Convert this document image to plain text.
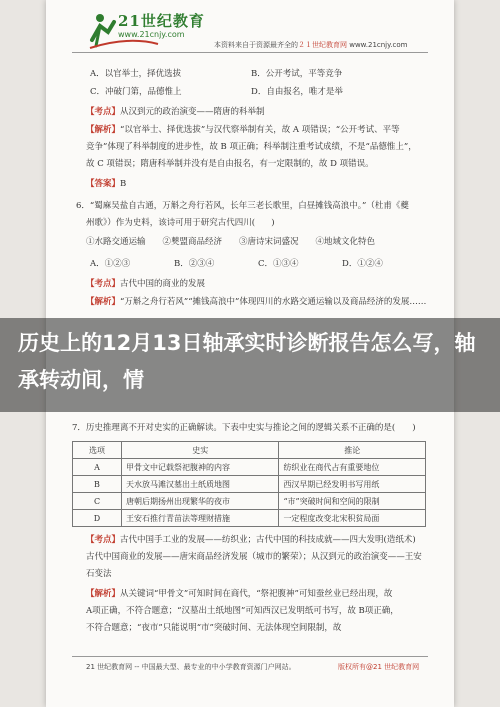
21世纪教育
www.21cnjy.com
本资料来自于资源最齐全的２１世纪教育网 www.21cnjy.com
A．以官举士，择优选拔	B．公开考试，平等竞争
C．冲破门第，品德惟上	D．自由报名，唯才是举
【考点】从汉到元的政治演变——隋唐的科举制
【解析】“以官举士、择优选拔”与汉代察举制有关，故 A 项错误；“公开考试、平等
竞争”体现了科举制度的进步性，故 B 项正确；科举制注重考试成绩，不是“品德惟上”，
故 C 项错误；隋唐科举制并没有是自由报名，有一定限制的，故 D 项错误。
【答案】B
6．“蜀麻吴盐自古通，万斛之舟行若风，长年三老长歌里，白昼摊钱高浪中。”（杜甫《夔
州歌》）作为史料，该诗可用于研究古代四川( )
①水路交通运输　　②僰盟商品经济　　③唐诗宋词盛况　　④地域文化特色
A．①②③	B．②③④	C．①③④	D．①②④
【考点】古代中国的商业的发展
【解析】“万斛之舟行若风”“摊钱高浪中”体现四川的水路交通运输以及商品经济的发展……
7．历史推理离不开对史实的正确解读。下表中史实与推论之间的逻辑关系不正确的是(　　)
选项	史实	推论
A	甲骨文中记载祭祀腹神的内容	纺织业在商代占有重要地位
B	天水放马滩汉墓出土纸质地图	西汉早期已经发明书写用纸
C	唐朝后期扬州出现繁华的夜市	“市”突破时间和空间的限制
D	王安石推行青苗法等理财措施	一定程度改变北宋积贫局面
【考点】古代中国手工业的发展——纺织业；古代中国的科技成就——四大发明(造纸术)
古代中国商业的发展——唐宋商品经济发展（城市的繁荣）；从汉到元的政治演变——王安
石变法
【解析】从关键词“甲骨文”可知时间在商代，“祭祀腹神”可知蚕丝业已经出现，故
A项正确，不符合题意；“汉墓出土纸地图”可知西汉已发明纸可书写，故 B项正确，
不符合题意；“夜市”只能说明“市”突破时间、无法体现空间限制，故
21 世纪教育网 -- 中国最大型、最专业的中小学教育资源门户网站。	版权所有@21 世纪教育网
历史上的12月13日轴承实时诊断报告怎么写，轴承转动间，情
